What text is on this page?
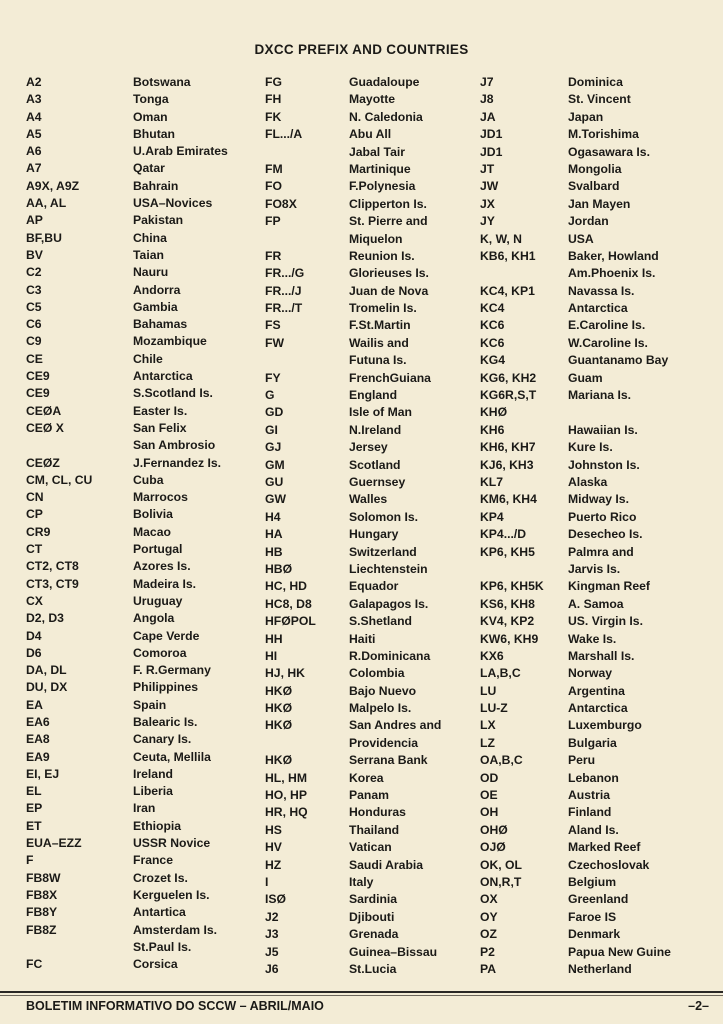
DXCC PREFIX AND COUNTRIES
A2	Botswana
A3	Tonga
A4	Oman
A5	Bhutan
A6	U.Arab Emirates
A7	Qatar
A9X, A9Z	Bahrain
AA, AL	USA–Novices
AP	Pakistan
BF,BU	China
BV	Taian
C2	Nauru
C3	Andorra
C5	Gambia
C6	Bahamas
C9	Mozambique
CE	Chile
CE9	Antarctica
CE9	S.Scotland Is.
CEØA	Easter Is.
CEØ X	San Felix
San Ambrosio
CEØZ	J.Fernandez Is.
CM, CL, CU	Cuba
CN	Marrocos
CP	Bolivia
CR9	Macao
CT	Portugal
CT2, CT8	Azores Is.
CT3, CT9	Madeira Is.
CX	Uruguay
D2, D3	Angola
D4	Cape Verde
D6	Comoroa
DA, DL	F. R.Germany
DU, DX	Philippines
EA	Spain
EA6	Balearic Is.
EA8	Canary Is.
EA9	Ceuta, Mellila
EI, EJ	Ireland
EL	Liberia
EP	Iran
ET	Ethiopia
EUA–EZZ	USSR Novice
F	France
FB8W	Crozet Is.
FB8X	Kerguelen Is.
FB8Y	Antartica
FB8Z	Amsterdam Is.
St.Paul Is.
FC	Corsica
FG	Guadaloupe
FH	Mayotte
FK	N. Caledonia
FL.../A	Abu All
Jabal Tair
FM	Martinique
FO	F.Polynesia
FO8X	Clipperton Is.
FP	St. Pierre and
Miquelon
FR	Reunion Is.
FR.../G	Glorieuses Is.
FR.../J	Juan de Nova
FR.../T	Tromelin Is.
FS	F.St.Martin
FW	Wailis and
Futuna Is.
FY	FrenchGuiana
G	England
GD	Isle of Man
GI	N.Ireland
GJ	Jersey
GM	Scotland
GU	Guernsey
GW	Walles
H4	Solomon Is.
HA	Hungary
HB	Switzerland
HBØ	Liechtenstein
HC, HD	Equador
HC8, D8	Galapagos Is.
HFØPOL	S.Shetland
HH	Haiti
HI	R.Dominicana
HJ, HK	Colombia
HKØ	Bajo Nuevo
HKØ	Malpelo Is.
HKØ	San Andres and
Providencia
HKØ	Serrana Bank
HL, HM	Korea
HO, HP	Panam
HR, HQ	Honduras
HS	Thailand
HV	Vatican
HZ	Saudi Arabia
I	Italy
ISØ	Sardinia
J2	Djibouti
J3	Grenada
J5	Guinea–Bissau
J6	St.Lucia
J7	Dominica
J8	St. Vincent
JA	Japan
JD1	M.Torishima
JD1	Ogasawara Is.
JT	Mongolia
JW	Svalbard
JX	Jan Mayen
JY	Jordan
K, W, N	USA
KB6, KH1	Baker, Howland
Am.Phoenix Is.
KC4, KP1	Navassa Is.
KC4	Antarctica
KC6	E.Caroline Is.
KC6	W.Caroline Is.
KG4	Guantanamo Bay
KG6, KH2	Guam
KG6R,S,T	Mariana Is.
KHØ
KH6	Hawaiian Is.
KH6, KH7	Kure Is.
KJ6, KH3	Johnston Is.
KL7	Alaska
KM6, KH4	Midway Is.
KP4	Puerto Rico
KP4.../D	Desecheo Is.
KP6, KH5	Palmra and
Jarvis Is.
KP6, KH5K Kingman Reef
KS6, KH8	A. Samoa
KV4, KP2	US. Virgin Is.
KW6, KH9 Wake Is.
KX6	Marshall Is.
LA,B,C	Norway
LU	Argentina
LU-Z	Antarctica
LX	Luxemburgo
LZ	Bulgaria
OA,B,C	Peru
OD	Lebanon
OE	Austria
OH	Finland
OHØ	Aland Is.
OJØ	Marked Reef
OK, OL	Czechoslovak
ON,R,T	Belgium
OX	Greenland
OY	Faroe IS
OZ	Denmark
P2	Papua New Guine
PA	Netherland
BOLETIM INFORMATIVO DO SCCW – ABRIL/MAIO	–2–
